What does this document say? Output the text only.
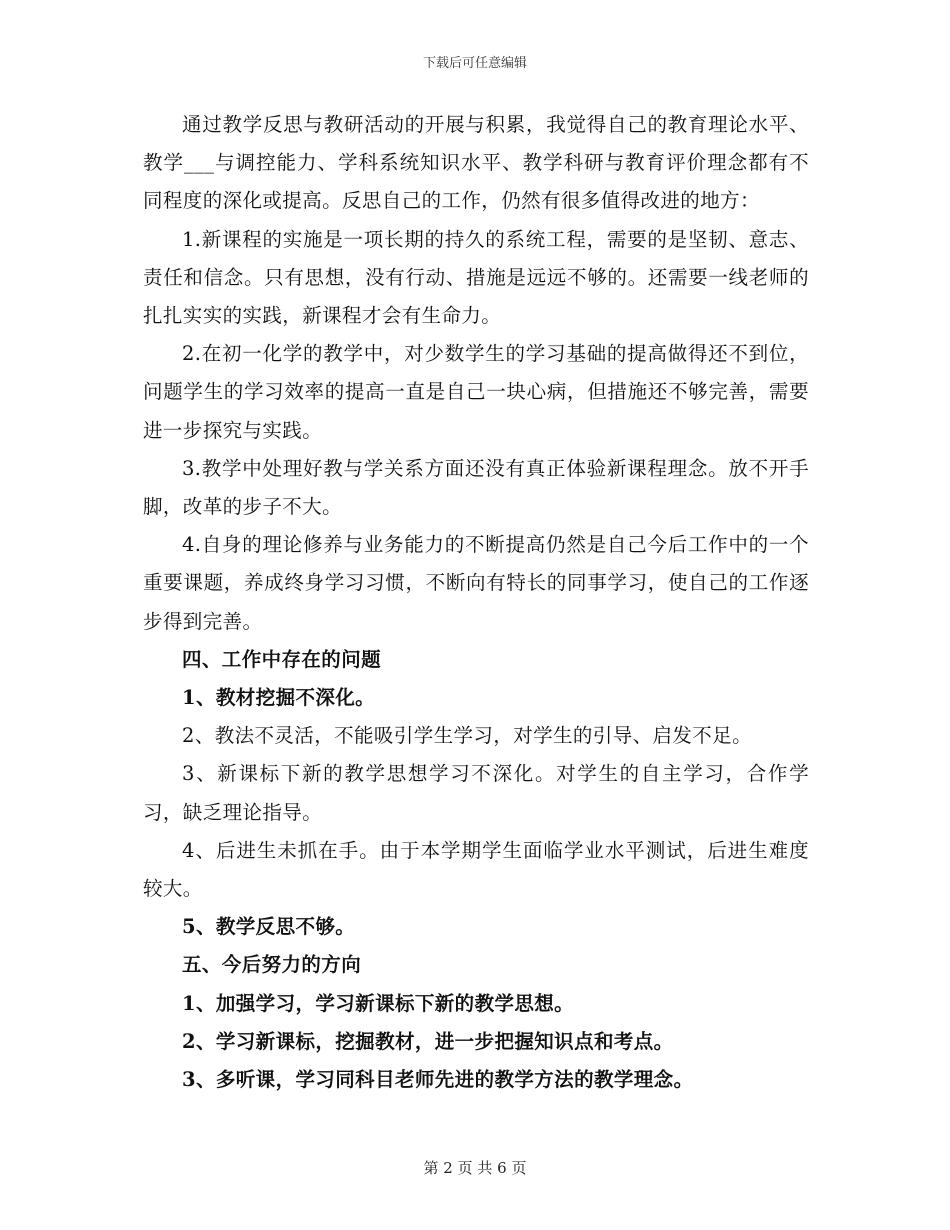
下载后可任意编辑

通过教学反思与教研活动的开展与积累，我觉得自己的教育理论水平、教学___与调控能力、学科系统知识水平、教学科研与教育评价理念都有不同程度的深化或提高。反思自己的工作，仍然有很多值得改进的地方：

1.新课程的实施是一项长期的持久的系统工程，需要的是坚韧、意志、责任和信念。只有思想，没有行动、措施是远远不够的。还需要一线老师的扎扎实实的实践，新课程才会有生命力。

2.在初一化学的教学中，对少数学生的学习基础的提高做得还不到位，问题学生的学习效率的提高一直是自己一块心病，但措施还不够完善，需要进一步探究与实践。

3.教学中处理好教与学关系方面还没有真正体验新课程理念。放不开手脚，改革的步子不大。

4.自身的理论修养与业务能力的不断提高仍然是自己今后工作中的一个重要课题，养成终身学习习惯，不断向有特长的同事学习，使自己的工作逐步得到完善。

四、工作中存在的问题

1、教材挖掘不深化。

2、教法不灵活，不能吸引学生学习，对学生的引导、启发不足。

3、新课标下新的教学思想学习不深化。对学生的自主学习，合作学习，缺乏理论指导。

4、后进生未抓在手。由于本学期学生面临学业水平测试，后进生难度较大。

5、教学反思不够。

五、今后努力的方向

1、加强学习，学习新课标下新的教学思想。

2、学习新课标，挖掘教材，进一步把握知识点和考点。

3、多听课，学习同科目老师先进的教学方法的教学理念。

第 2 页 共 6 页
